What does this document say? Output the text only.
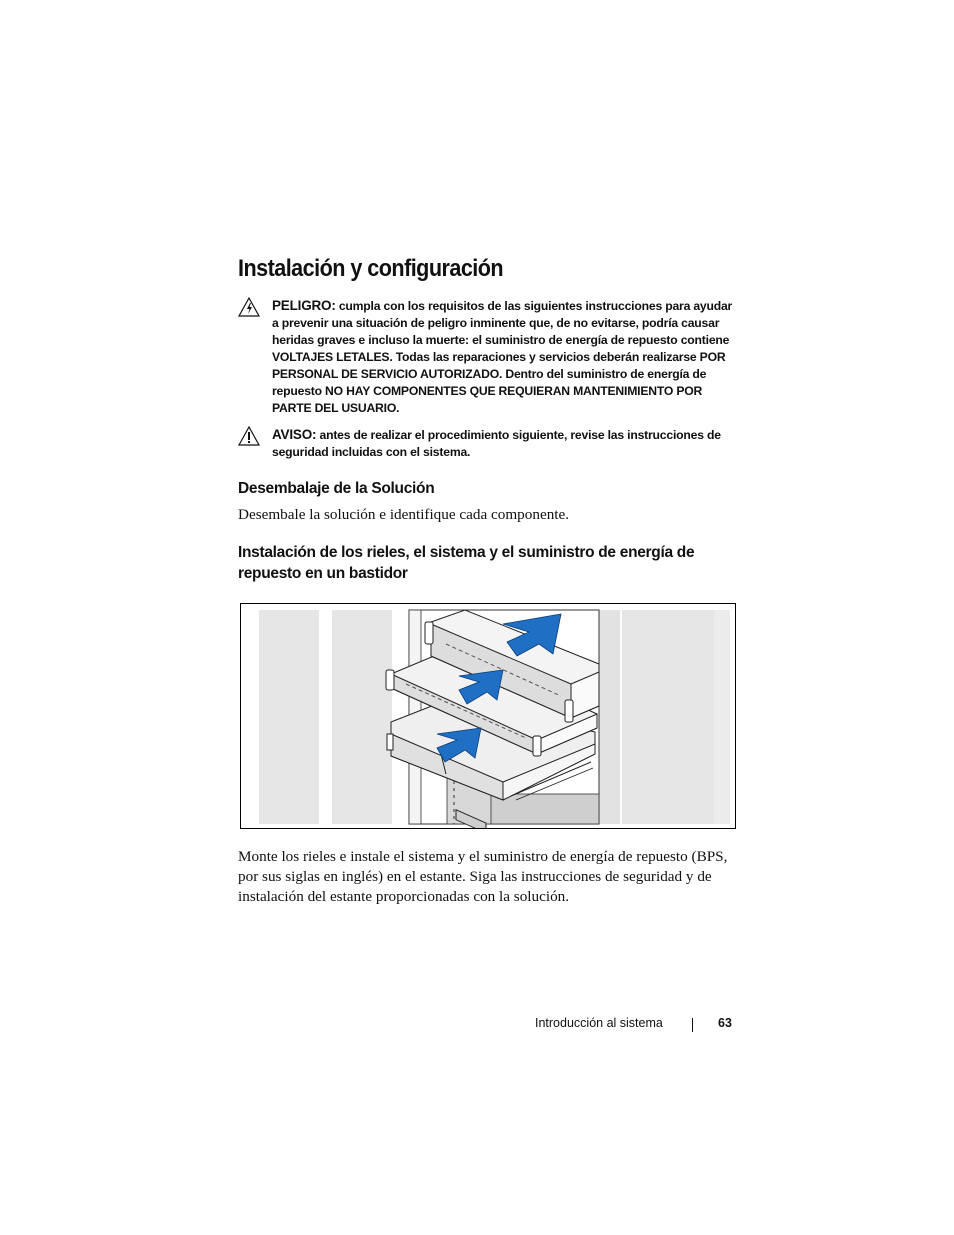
Instalación y configuración
PELIGRO: cumpla con los requisitos de las siguientes instrucciones para ayudar a prevenir una situación de peligro inminente que, de no evitarse, podría causar heridas graves e incluso la muerte: el suministro de energía de repuesto contiene VOLTAJES LETALES. Todas las reparaciones y servicios deberán realizarse POR PERSONAL DE SERVICIO AUTORIZADO. Dentro del suministro de energía de repuesto NO HAY COMPONENTES QUE REQUIERAN MANTENIMIENTO POR PARTE DEL USUARIO.
AVISO: antes de realizar el procedimiento siguiente, revise las instrucciones de seguridad incluidas con el sistema.
Desembalaje de la Solución

Desembale la solución e identifique cada componente.

Instalación de los rieles, el sistema y el suministro de energía de repuesto en un bastidor

Monte los rieles e instale el sistema y el suministro de energía de repuesto (BPS, por sus siglas en inglés) en el estante. Siga las instrucciones de seguridad y de instalación del estante proporcionadas con la solución.

Introducción al sistema	63
